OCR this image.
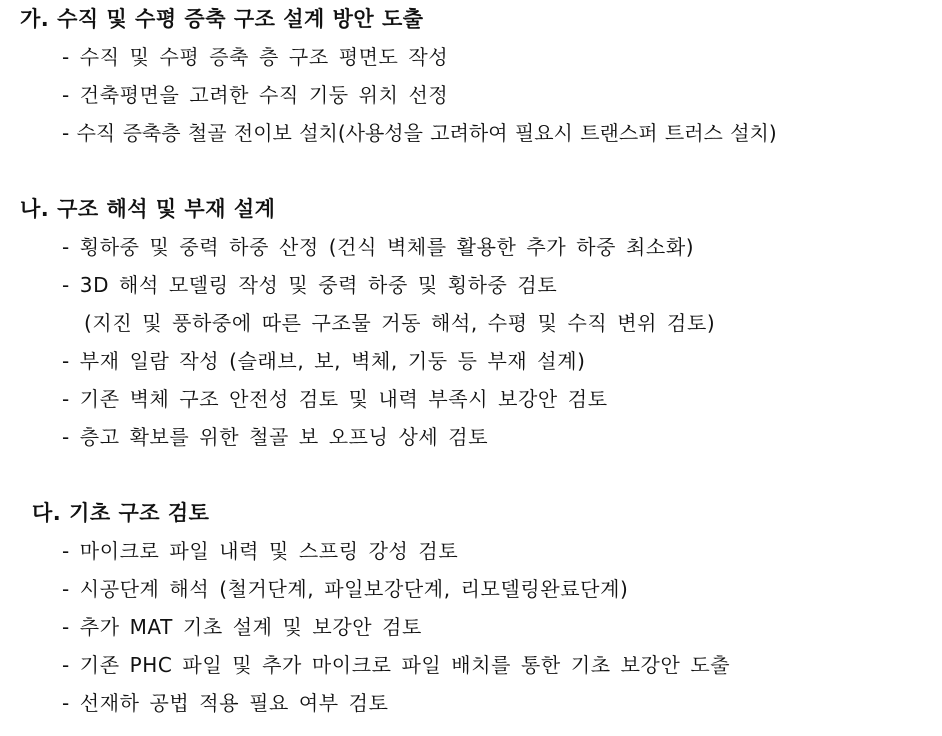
가. 수직 및 수평 증축 구조 설계 방안 도출
- 수직 및 수평 증축 층 구조 평면도 작성
- 건축평면을 고려한 수직 기둥 위치 선정
- 수직 증축층 철골 전이보 설치(사용성을 고려하여 필요시 트랜스퍼 트러스 설치)
나. 구조 해석 및 부재 설계
- 횡하중 및 중력 하중 산정 (건식 벽체를 활용한 추가 하중 최소화)
- 3D 해석 모델링 작성 및 중력 하중 및 횡하중 검토
(지진 및 풍하중에 따른 구조물 거동 해석, 수평 및 수직 변위 검토)
- 부재 일람 작성 (슬래브, 보, 벽체, 기둥 등 부재 설계)
- 기존 벽체 구조 안전성 검토 및 내력 부족시 보강안 검토
- 층고 확보를 위한 철골 보 오프닝 상세 검토
다. 기초 구조 검토
- 마이크로 파일 내력 및 스프링 강성 검토
- 시공단계 해석 (철거단계, 파일보강단계, 리모델링완료단계)
- 추가 MAT 기초 설계 및 보강안 검토
- 기존 PHC 파일 및 추가 마이크로 파일 배치를 통한 기초 보강안 도출
- 선재하 공법 적용 필요 여부 검토
